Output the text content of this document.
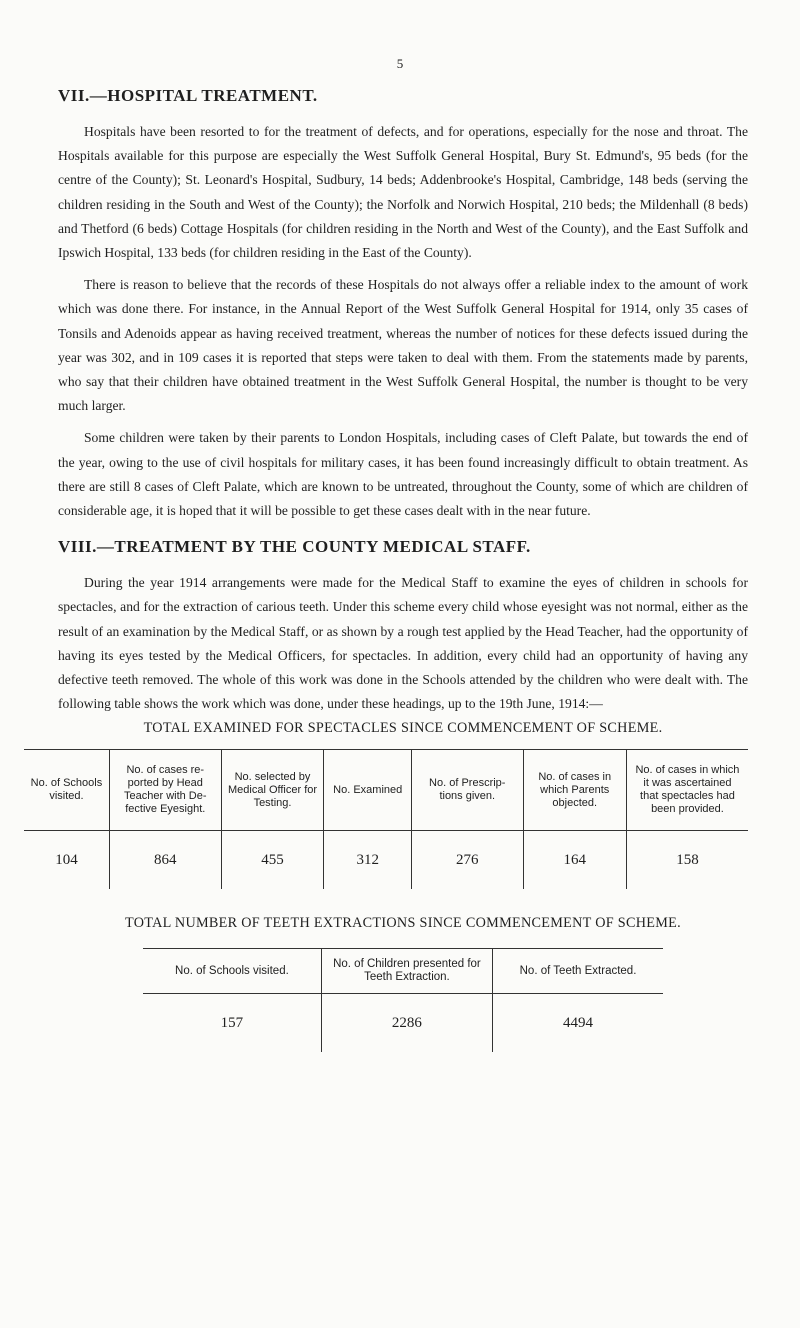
5
VII.—HOSPITAL TREATMENT.

Hospitals have been resorted to for the treatment of defects, and for operations, especially for the nose and throat. The Hospitals available for this purpose are especially the West Suffolk General Hospital, Bury St. Edmund's, 95 beds (for the centre of the County); St. Leonard's Hospital, Sudbury, 14 beds; Addenbrooke's Hospital, Cambridge, 148 beds (serving the children residing in the South and West of the County); the Norfolk and Norwich Hospital, 210 beds; the Mildenhall (8 beds) and Thetford (6 beds) Cottage Hospitals (for children residing in the North and West of the County), and the East Suffolk and Ipswich Hospital, 133 beds (for children residing in the East of the County).

There is reason to believe that the records of these Hospitals do not always offer a reliable index to the amount of work which was done there. For instance, in the Annual Report of the West Suffolk General Hospital for 1914, only 35 cases of Tonsils and Adenoids appear as having received treatment, whereas the number of notices for these defects issued during the year was 302, and in 109 cases it is reported that steps were taken to deal with them. From the statements made by parents, who say that their children have obtained treatment in the West Suffolk General Hospital, the number is thought to be very much larger.

Some children were taken by their parents to London Hospitals, including cases of Cleft Palate, but towards the end of the year, owing to the use of civil hospitals for military cases, it has been found increasingly difficult to obtain treatment. As there are still 8 cases of Cleft Palate, which are known to be untreated, throughout the County, some of which are children of considerable age, it is hoped that it will be possible to get these cases dealt with in the near future.

VIII.—TREATMENT BY THE COUNTY MEDICAL STAFF.

During the year 1914 arrangements were made for the Medical Staff to examine the eyes of children in schools for spectacles, and for the extraction of carious teeth. Under this scheme every child whose eyesight was not normal, either as the result of an examination by the Medical Staff, or as shown by a rough test applied by the Head Teacher, had the opportunity of having its eyes tested by the Medical Officers, for spectacles. In addition, every child had an opportunity of having any defective teeth removed. The whole of this work was done in the Schools attended by the children who were dealt with. The following table shows the work which was done, under these headings, up to the 19th June, 1914:—

TOTAL EXAMINED FOR SPECTACLES SINCE COMMENCEMENT OF SCHEME.
No. of Schools visited.	No. of cases re-ported by Head Teacher with De-fective Eyesight.	No. selected by Medical Officer for Testing.	No. Examined	No. of Prescrip-tions given.	No. of cases in which Parents objected.	No. of cases in which it was ascertained that spectacles had been provided.
104	864	455	312	276	164	158
TOTAL NUMBER OF TEETH EXTRACTIONS SINCE COMMENCEMENT OF SCHEME.
No. of Schools visited.	No. of Children presented for Teeth Extraction.	No. of Teeth Extracted.
157	2286	4494
